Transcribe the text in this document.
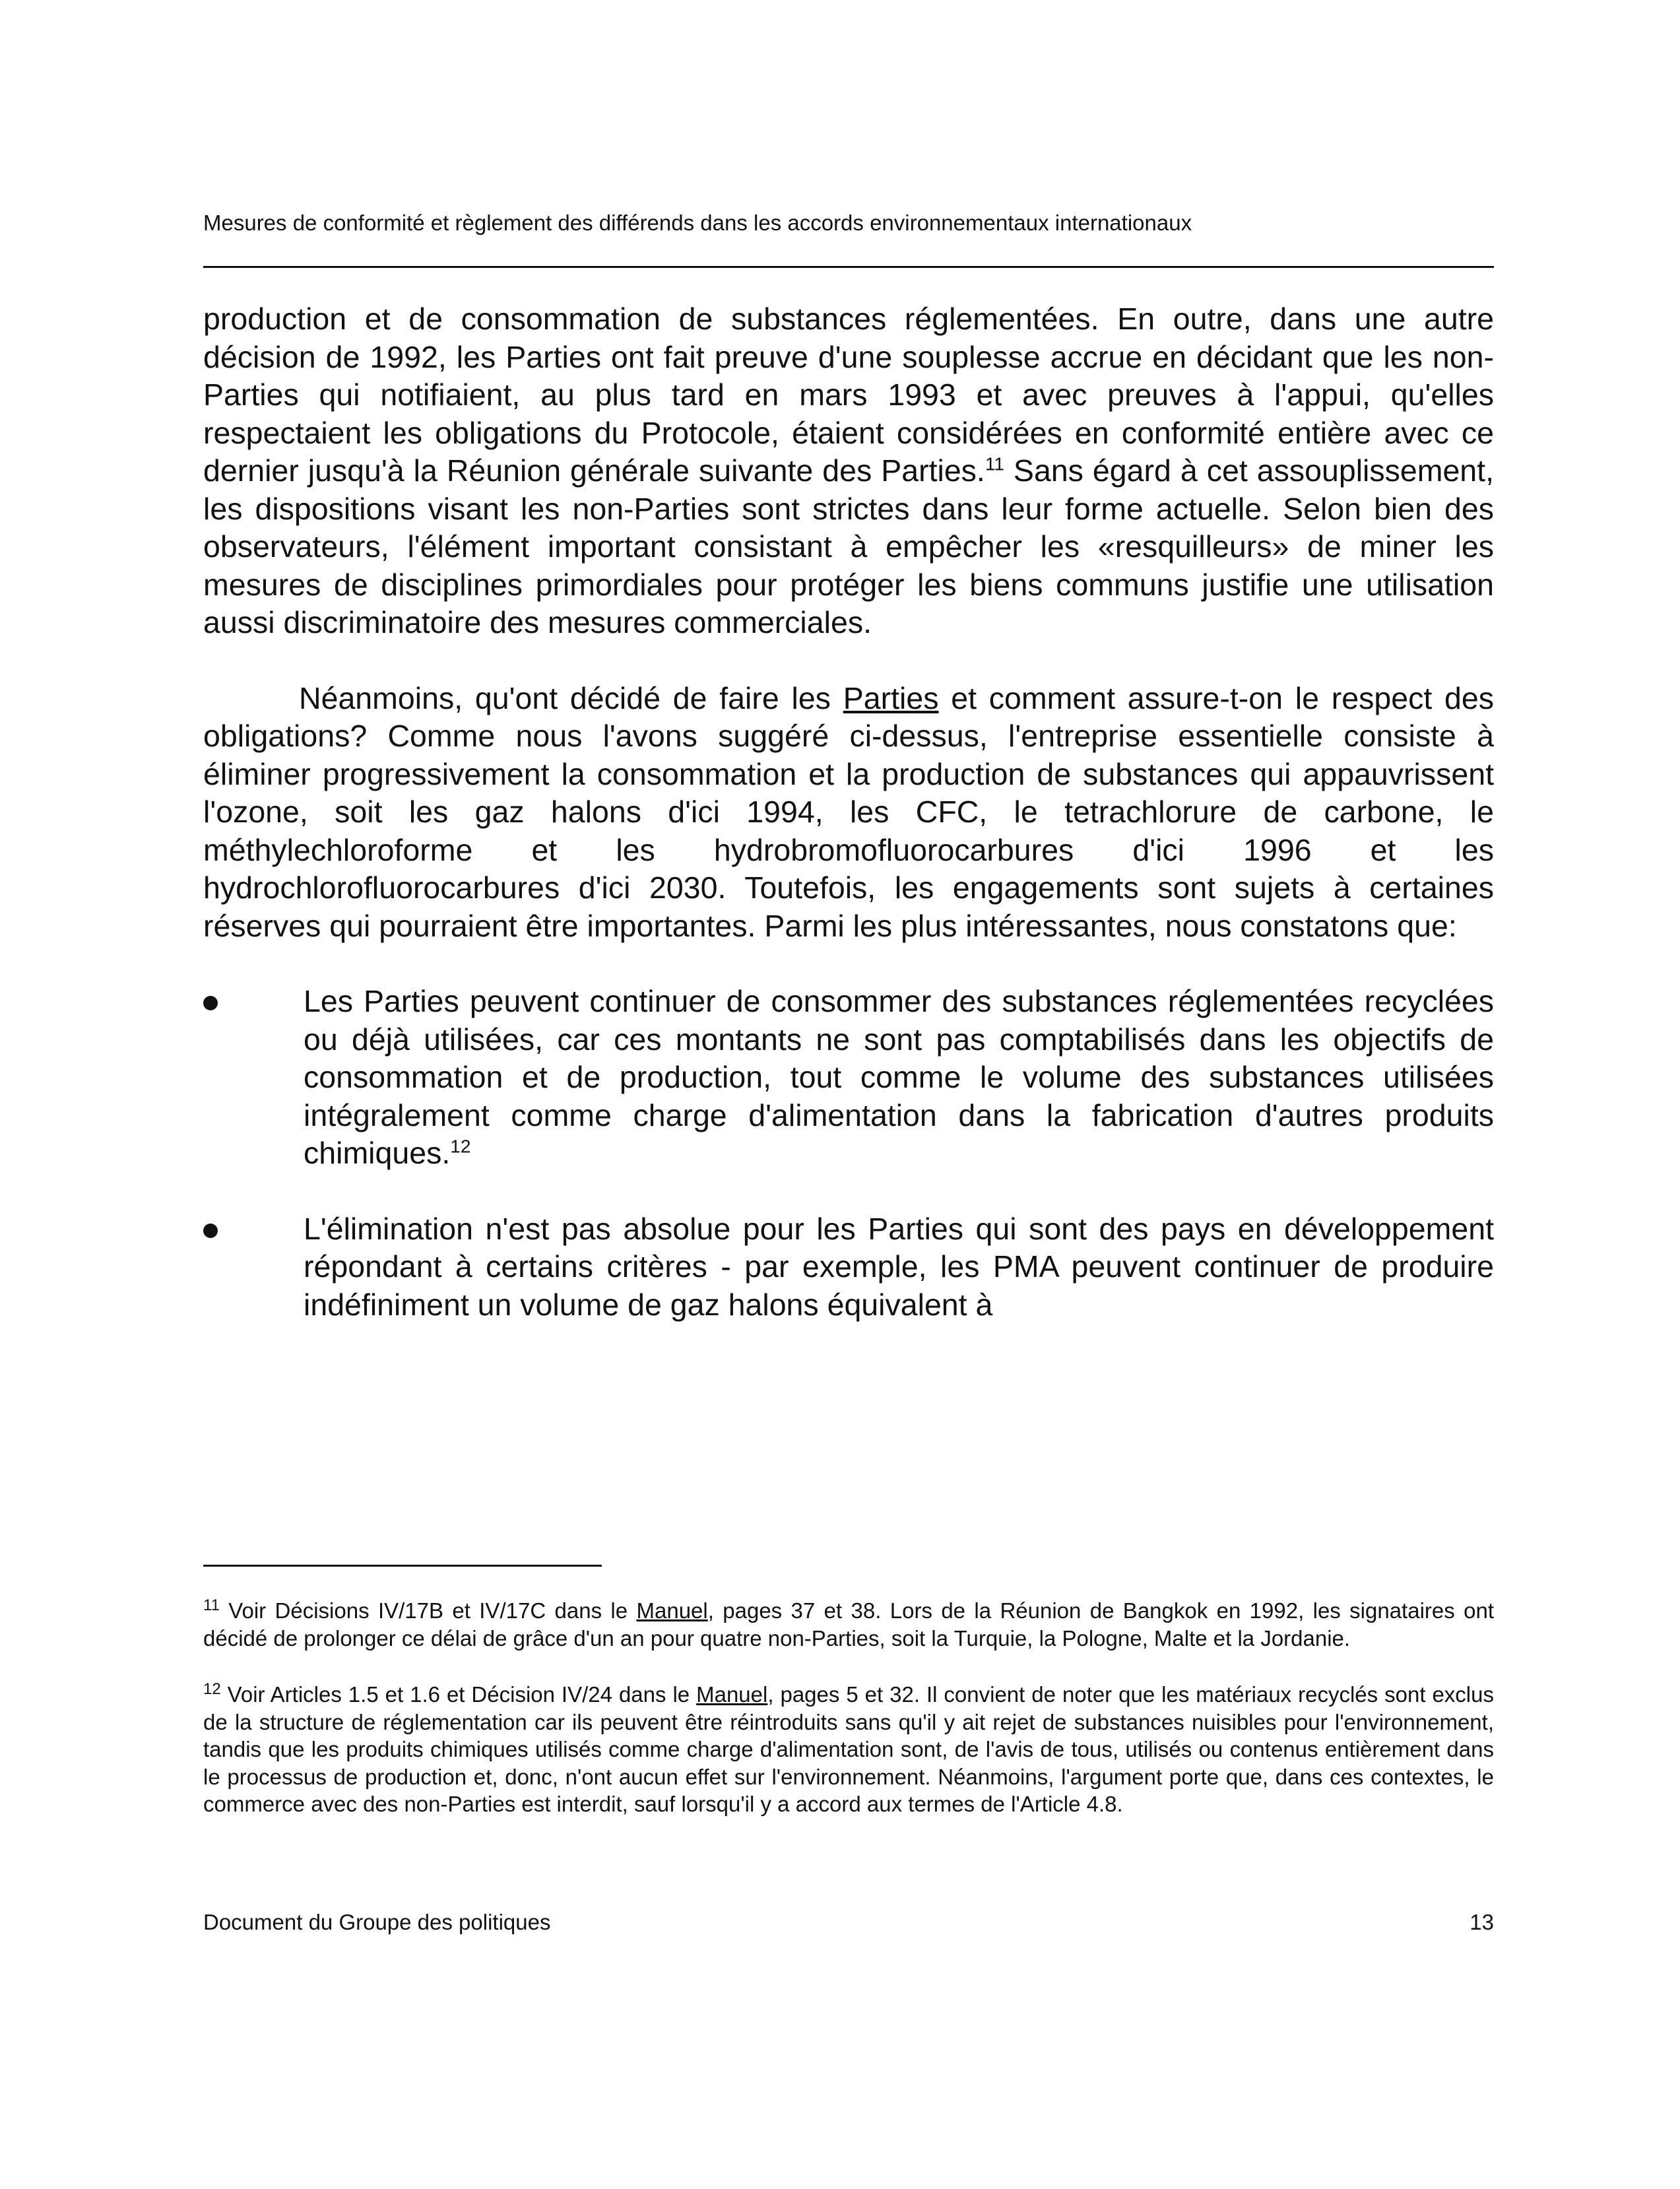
Mesures de conformité et règlement des différends dans les accords environnementaux internationaux

production et de consommation de substances réglementées. En outre, dans une autre décision de 1992, les Parties ont fait preuve d'une souplesse accrue en décidant que les non-Parties qui notifiaient, au plus tard en mars 1993 et avec preuves à l'appui, qu'elles respectaient les obligations du Protocole, étaient considérées en conformité entière avec ce dernier jusqu'à la Réunion générale suivante des Parties.$^{11}$ Sans égard à cet assouplissement, les dispositions visant les non-Parties sont strictes dans leur forme actuelle. Selon bien des observateurs, l'élément important consistant à empêcher les «resquilleurs» de miner les mesures de disciplines primordiales pour protéger les biens communs justifie une utilisation aussi discriminatoire des mesures commerciales.

Néanmoins, qu'ont décidé de faire les Parties et comment assure-t-on le respect des obligations? Comme nous l'avons suggéré ci-dessus, l'entreprise essentielle consiste à éliminer progressivement la consommation et la production de substances qui appauvrissent l'ozone, soit les gaz halons d'ici 1994, les CFC, le tetrachlorure de carbone, le méthylechloroforme et les hydrobromofluorocarbures d'ici 1996 et les hydrochlorofluorocarbures d'ici 2030. Toutefois, les engagements sont sujets à certaines réserves qui pourraient être importantes. Parmi les plus intéressantes, nous constatons que:

Les Parties peuvent continuer de consommer des substances réglementées recyclées ou déjà utilisées, car ces montants ne sont pas comptabilisés dans les objectifs de consommation et de production, tout comme le volume des substances utilisées intégralement comme charge d'alimentation dans la fabrication d'autres produits chimiques.$^{12}$
L'élimination n'est pas absolue pour les Parties qui sont des pays en développement répondant à certains critères - par exemple, les PMA peuvent continuer de produire indéfiniment un volume de gaz halons équivalent à

$^{11}$ Voir Décisions IV/17B et IV/17C dans le Manuel, pages 37 et 38. Lors de la Réunion de Bangkok en 1992, les signataires ont décidé de prolonger ce délai de grâce d'un an pour quatre non-Parties, soit la Turquie, la Pologne, Malte et la Jordanie.

$^{12}$ Voir Articles 1.5 et 1.6 et Décision IV/24 dans le Manuel, pages 5 et 32. Il convient de noter que les matériaux recyclés sont exclus de la structure de réglementation car ils peuvent être réintroduits sans qu'il y ait rejet de substances nuisibles pour l'environnement, tandis que les produits chimiques utilisés comme charge d'alimentation sont, de l'avis de tous, utilisés ou contenus entièrement dans le processus de production et, donc, n'ont aucun effet sur l'environnement. Néanmoins, l'argument porte que, dans ces contextes, le commerce avec des non-Parties est interdit, sauf lorsqu'il y a accord aux termes de l'Article 4.8.

Document du Groupe des politiques	13
